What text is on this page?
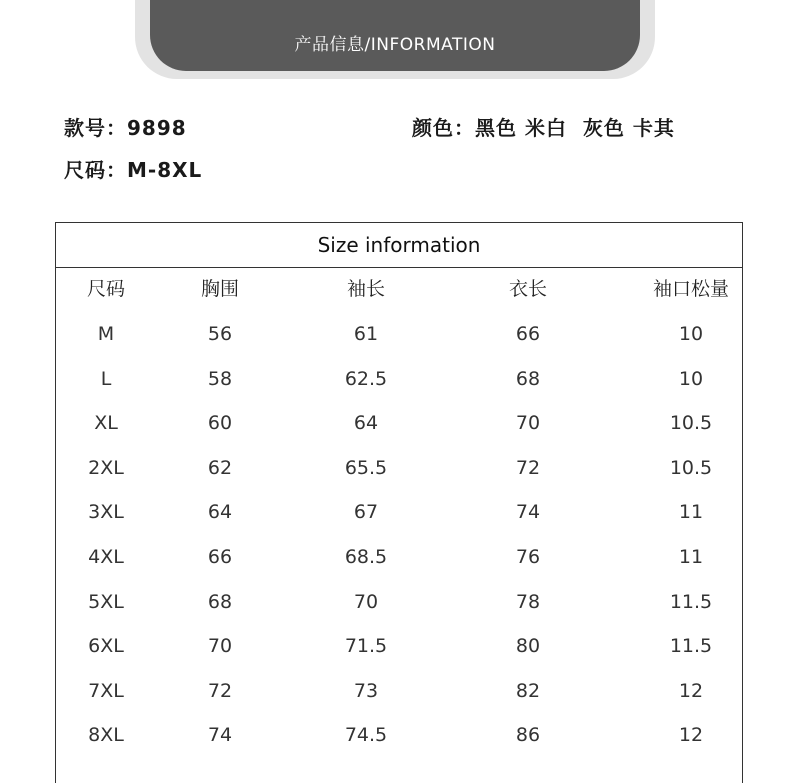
产品信息/INFORMATION
款号：9898	颜色：黑色 米白  灰色 卡其
尺码：M-8XL
Size information
尺码	胸围	袖长	衣长	袖口松量
M	56	61	66	10
L	58	62.5	68	10
XL	60	64	70	10.5
2XL	62	65.5	72	10.5
3XL	64	67	74	11
4XL	66	68.5	76	11
5XL	68	70	78	11.5
6XL	70	71.5	80	11.5
7XL	72	73	82	12
8XL	74	74.5	86	12
